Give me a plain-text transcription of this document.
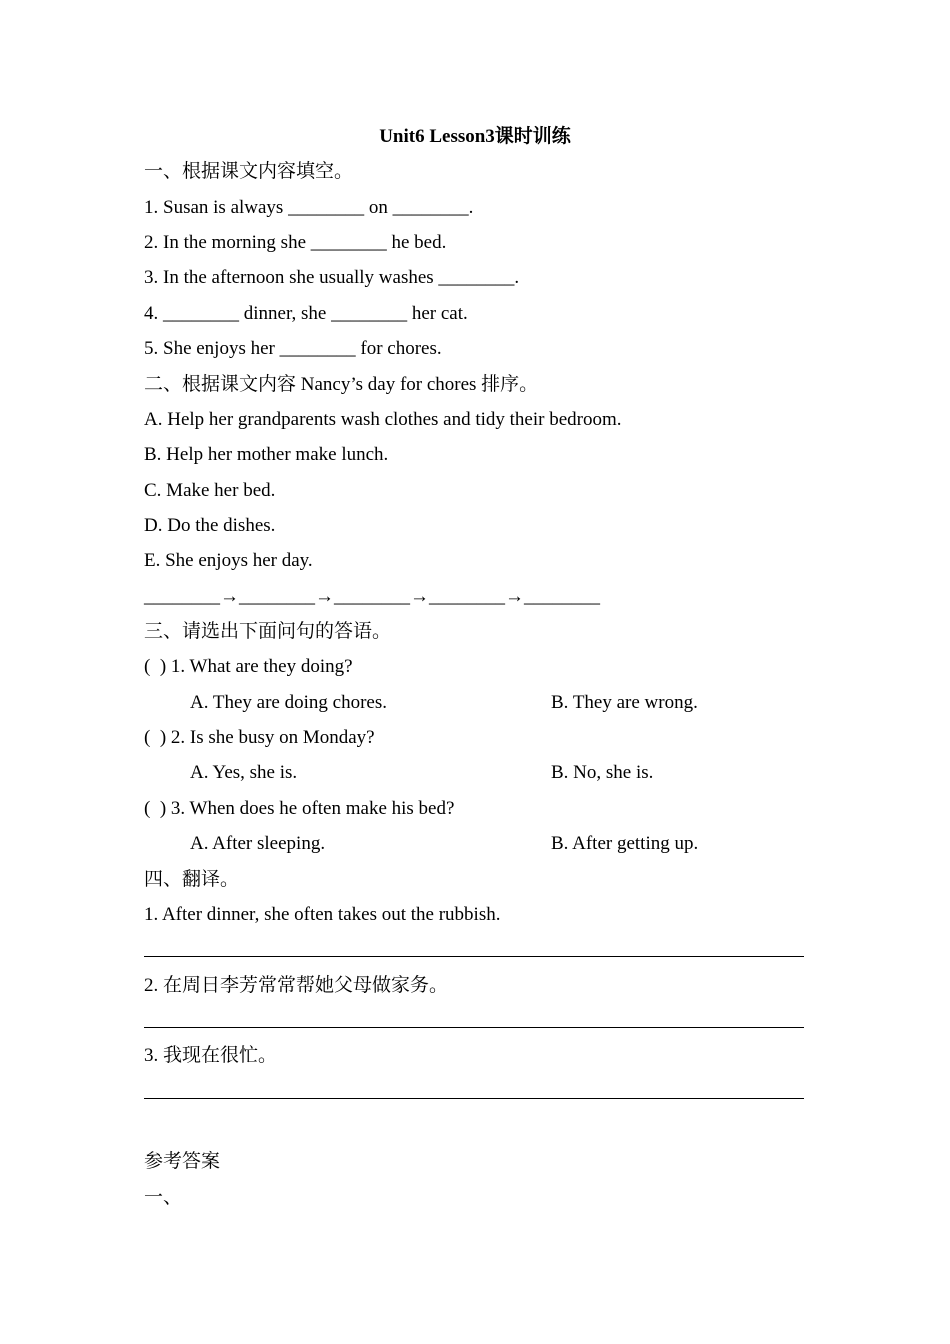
Unit6 Lesson3课时训练
一、根据课文内容填空。
1. Susan is always ________ on ________.
2. In the morning she ________ he bed.
3. In the afternoon she usually washes ________.
4. ________ dinner, she ________ her cat.
5. She enjoys her ________ for chores.
二、根据课文内容 Nancy’s day for chores 排序。
A. Help her grandparents wash clothes and tidy their bedroom.
B. Help her mother make lunch.
C. Make her bed.
D. Do the dishes.
E. She enjoys her day.
________→________→________→________→________
三、请选出下面问句的答语。
(  ) 1. What are they doing?
A. They are doing chores.	B. They are wrong.
(  ) 2. Is she busy on Monday?
A. Yes, she is.	B. No, she is.
(  ) 3. When does he often make his bed?
A. After sleeping.	B. After getting up.
四、翻译。
1. After dinner, she often takes out the rubbish.
2. 在周日李芳常常帮她父母做家务。
3. 我现在很忙。
参考答案
一、
